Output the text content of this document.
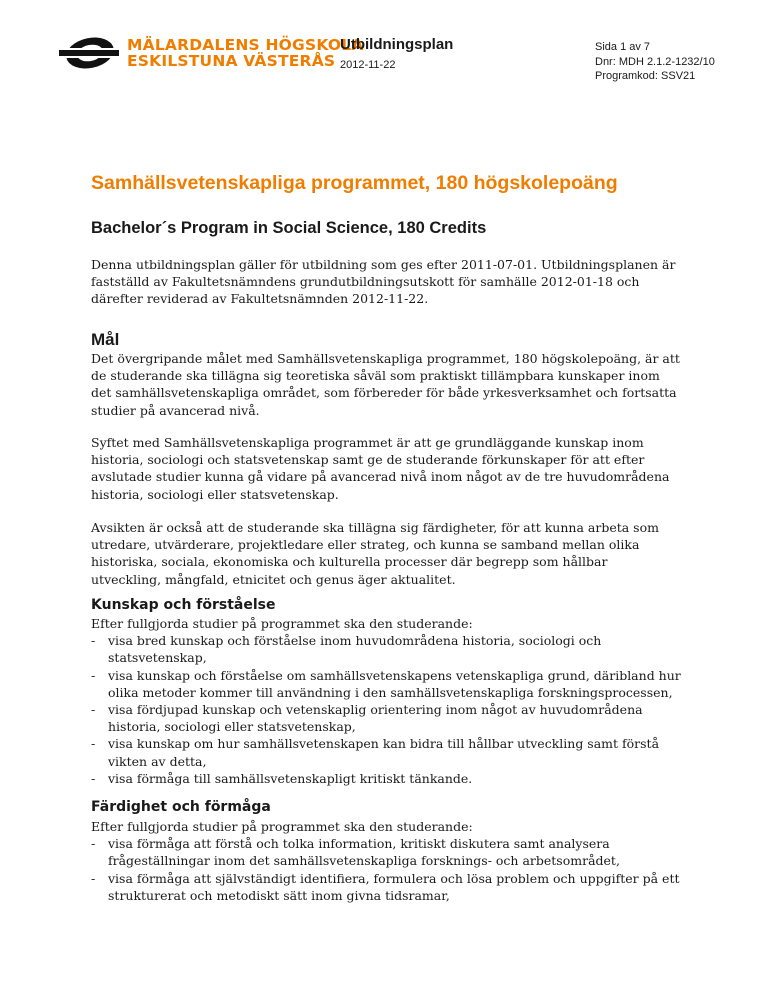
MÄLARDALENS HÖGSKOLA
ESKILSTUNA VÄSTERÅS
Utbildningsplan
2012-11-22
Sida 1 av 7
Dnr: MDH 2.1.2-1232/10
Programkod: SSV21
Samhällsvetenskapliga programmet, 180 högskolepoäng
Bachelor´s Program in Social Science, 180 Credits

Denna utbildningsplan gäller för utbildning som ges efter 2011-07-01. Utbildningsplanen är fastställd av Fakultetsnämndens grundutbildningsutskott för samhälle 2012-01-18 och därefter reviderad av Fakultetsnämnden 2012-11-22.

Mål

Det övergripande målet med Samhällsvetenskapliga programmet, 180 högskolepoäng, är att de studerande ska tillägna sig teoretiska såväl som praktiskt tillämpbara kunskaper inom det samhällsvetenskapliga området, som förbereder för både yrkesverksamhet och fortsatta studier på avancerad nivå.

Syftet med Samhällsvetenskapliga programmet är att ge grundläggande kunskap inom historia, sociologi och statsvetenskap samt ge de studerande förkunskaper för att efter avslutade studier kunna gå vidare på avancerad nivå inom något av de tre huvudområdena historia, sociologi eller statsvetenskap.

Avsikten är också att de studerande ska tillägna sig färdigheter, för att kunna arbeta som utredare, utvärderare, projektledare eller strateg, och kunna se samband mellan olika historiska, sociala, ekonomiska och kulturella processer där begrepp som hållbar utveckling, mångfald, etnicitet och genus äger aktualitet.

Kunskap och förståelse

Efter fullgjorda studier på programmet ska den studerande:

- visa bred kunskap och förståelse inom huvudområdena historia, sociologi och statsvetenskap,
- visa kunskap och förståelse om samhällsvetenskapens vetenskapliga grund, däribland hur olika metoder kommer till användning i den samhällsvetenskapliga forskningsprocessen,
- visa fördjupad kunskap och vetenskaplig orientering inom något av huvudområdena historia, sociologi eller statsvetenskap,
- visa kunskap om hur samhällsvetenskapen kan bidra till hållbar utveckling samt förstå vikten av detta,
- visa förmåga till samhällsvetenskapligt kritiskt tänkande.
Färdighet och förmåga

Efter fullgjorda studier på programmet ska den studerande:

- visa förmåga att förstå och tolka information, kritiskt diskutera samt analysera frågeställningar inom det samhällsvetenskapliga forsknings- och arbetsområdet,
- visa förmåga att självständigt identifiera, formulera och lösa problem och uppgifter på ett strukturerat och metodiskt sätt inom givna tidsramar,
